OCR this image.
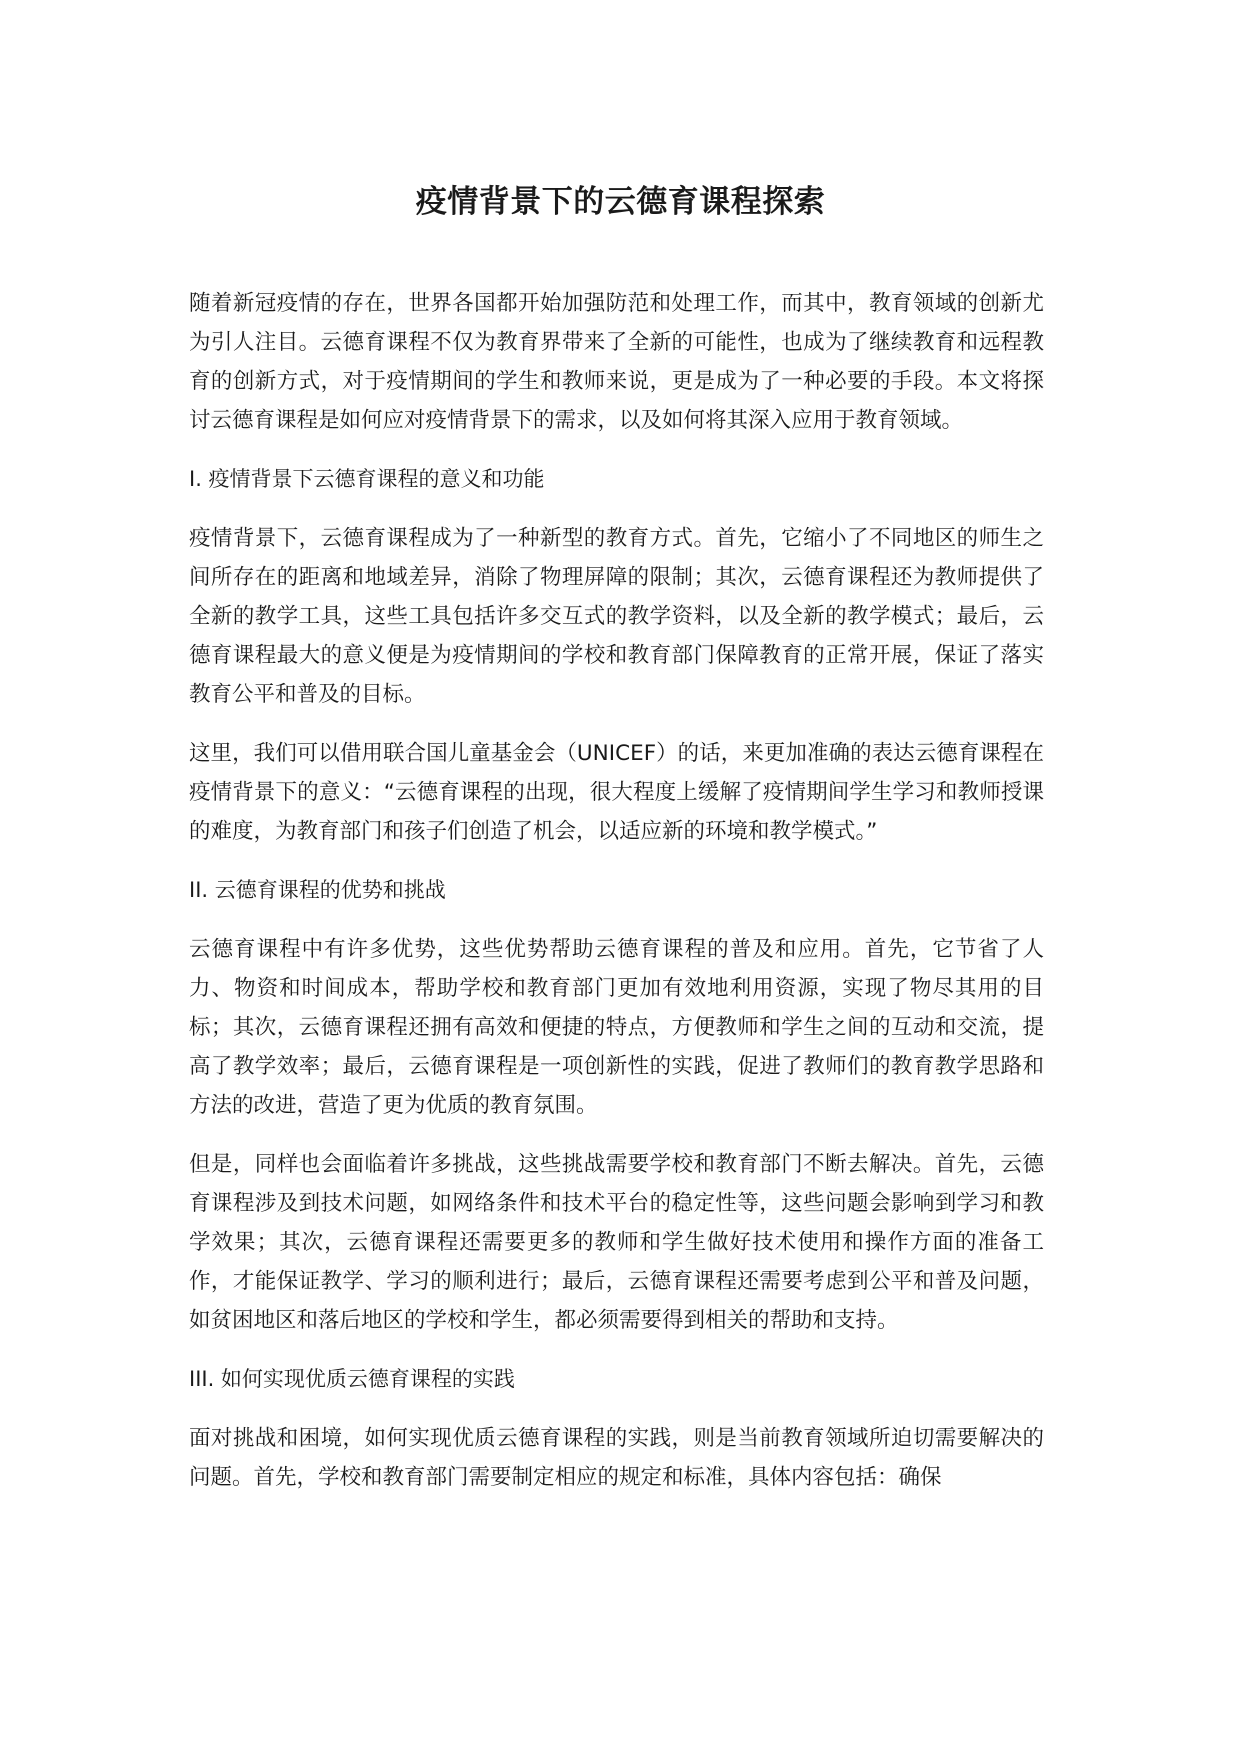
疫情背景下的云德育课程探索

随着新冠疫情的存在，世界各国都开始加强防范和处理工作，而其中，教育领域的创新尤为引人注目。云德育课程不仅为教育界带来了全新的可能性，也成为了继续教育和远程教育的创新方式，对于疫情期间的学生和教师来说，更是成为了一种必要的手段。本文将探讨云德育课程是如何应对疫情背景下的需求，以及如何将其深入应用于教育领域。

I. 疫情背景下云德育课程的意义和功能

疫情背景下，云德育课程成为了一种新型的教育方式。首先，它缩小了不同地区的师生之间所存在的距离和地域差异，消除了物理屏障的限制；其次，云德育课程还为教师提供了全新的教学工具，这些工具包括许多交互式的教学资料，以及全新的教学模式；最后，云德育课程最大的意义便是为疫情期间的学校和教育部门保障教育的正常开展，保证了落实教育公平和普及的目标。

这里，我们可以借用联合国儿童基金会（UNICEF）的话，来更加准确的表达云德育课程在疫情背景下的意义：“云德育课程的出现，很大程度上缓解了疫情期间学生学习和教师授课的难度，为教育部门和孩子们创造了机会，以适应新的环境和教学模式。”

II. 云德育课程的优势和挑战

云德育课程中有许多优势，这些优势帮助云德育课程的普及和应用。首先，它节省了人力、物资和时间成本，帮助学校和教育部门更加有效地利用资源，实现了物尽其用的目标；其次，云德育课程还拥有高效和便捷的特点，方便教师和学生之间的互动和交流，提高了教学效率；最后，云德育课程是一项创新性的实践，促进了教师们的教育教学思路和方法的改进，营造了更为优质的教育氛围。

但是，同样也会面临着许多挑战，这些挑战需要学校和教育部门不断去解决。首先，云德育课程涉及到技术问题，如网络条件和技术平台的稳定性等，这些问题会影响到学习和教学效果；其次，云德育课程还需要更多的教师和学生做好技术使用和操作方面的准备工作，才能保证教学、学习的顺利进行；最后，云德育课程还需要考虑到公平和普及问题，如贫困地区和落后地区的学校和学生，都必须需要得到相关的帮助和支持。

III. 如何实现优质云德育课程的实践

面对挑战和困境，如何实现优质云德育课程的实践，则是当前教育领域所迫切需要解决的问题。首先，学校和教育部门需要制定相应的规定和标准，具体内容包括：确保
